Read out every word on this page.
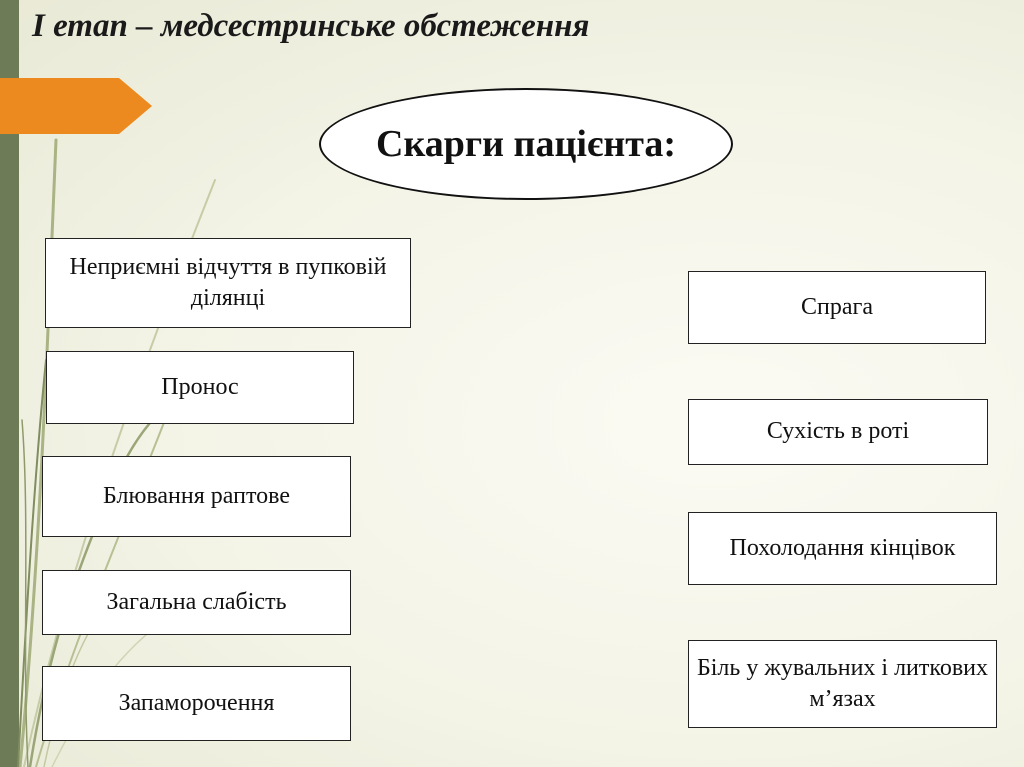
І етап – медсестринське обстеження
Скарги пацієнта:
Неприємні відчуття в пупковій ділянці
Пронос
Блювання раптове
Загальна слабість
Запаморочення
Спрага
Сухість в роті
Похолодання кінцівок
Біль у жувальних і литкових м’язах
